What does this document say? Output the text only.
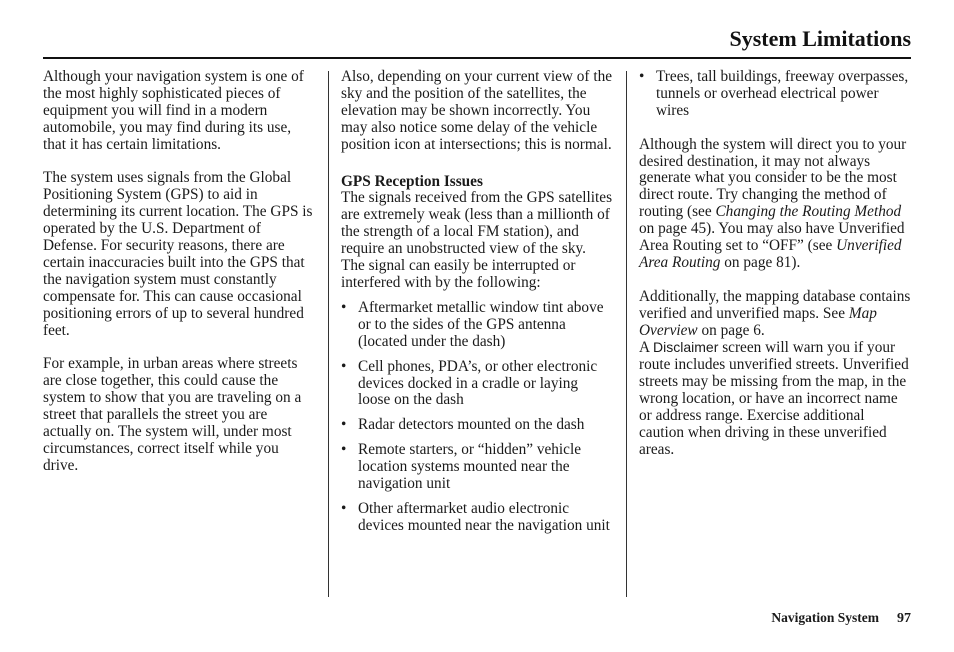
System Limitations

Although your navigation system is one of the most highly sophisticated pieces of equipment you will find in a modern automobile, you may find during its use, that it has certain limitations.

The system uses signals from the Global Positioning System (GPS) to aid in determining its current location. The GPS is operated by the U.S. Department of Defense. For security reasons, there are certain inaccuracies built into the GPS that the navigation system must constantly compensate for. This can cause occasional positioning errors of up to several hundred feet.

For example, in urban areas where streets are close together, this could cause the system to show that you are traveling on a street that parallels the street you are actually on. The system will, under most circumstances, correct itself while you drive.

Also, depending on your current view of the sky and the position of the satellites, the elevation may be shown incorrectly. You may also notice some delay of the vehicle position icon at intersections; this is normal.

GPS Reception Issues

The signals received from the GPS satellites are extremely weak (less than a millionth of the strength of a local FM station), and require an unobstructed view of the sky.

The signal can easily be interrupted or interfered with by the following:

• Aftermarket metallic window tint above or to the sides of the GPS antenna (located under the dash)
• Cell phones, PDA’s, or other electronic devices docked in a cradle or laying loose on the dash
• Radar detectors mounted on the dash
• Remote starters, or “hidden” vehicle location systems mounted near the navigation unit
• Other aftermarket audio electronic devices mounted near the navigation unit
• Trees, tall buildings, freeway overpasses, tunnels or overhead electrical power wires

Although the system will direct you to your desired destination, it may not always generate what you consider to be the most direct route. Try changing the method of routing (see Changing the Routing Method on page 45). You may also have Unverified Area Routing set to “OFF” (see Unverified Area Routing on page 81).

Additionally, the mapping database contains verified and unverified maps. See Map Overview on page 6.

A Disclaimer screen will warn you if your route includes unverified streets. Unverified streets may be missing from the map, in the wrong location, or have an incorrect name or address range. Exercise additional caution when driving in these unverified areas.

Navigation System 97
